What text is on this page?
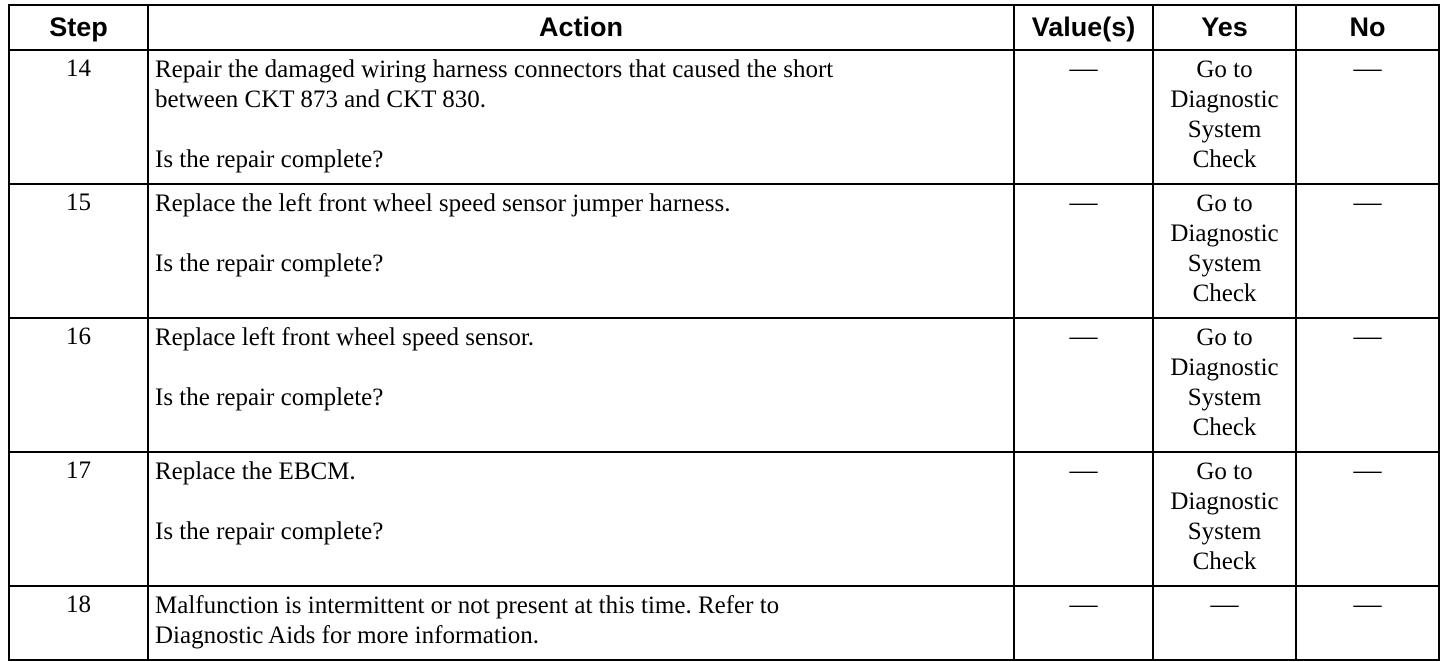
Step	Action	Value(s)	Yes	No
14	Repair the damaged wiring harness connectors that caused the short
between CKT 873 and CKT 830.
Is the repair complete?	—	Go to
Diagnostic
System
Check	—
15	Replace the left front wheel speed sensor jumper harness.
Is the repair complete?	—	Go to
Diagnostic
System
Check	—
16	Replace left front wheel speed sensor.
Is the repair complete?	—	Go to
Diagnostic
System
Check	—
17	Replace the EBCM.
Is the repair complete?	—	Go to
Diagnostic
System
Check	—
18	Malfunction is intermittent or not present at this time. Refer to
Diagnostic Aids for more information.	—	—	—
